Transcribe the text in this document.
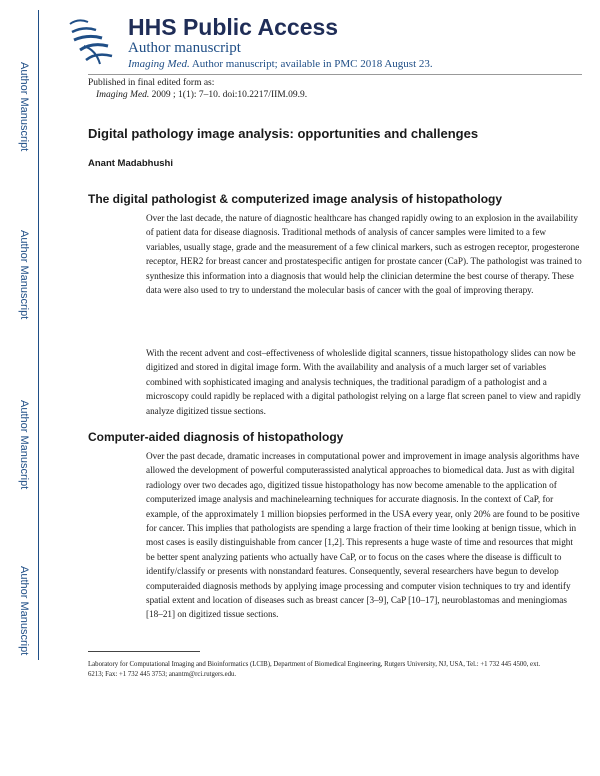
Author Manuscript
Author Manuscript
Author Manuscript
Author Manuscript
HHS Public Access
Author manuscript
Imaging Med. Author manuscript; available in PMC 2018 August 23.
Published in final edited form as:
Imaging Med. 2009 ; 1(1): 7–10. doi:10.2217/IIM.09.9.
Digital pathology image analysis: opportunities and challenges
Anant Madabhushi
The digital pathologist & computerized image analysis of histopathology
Over the last decade, the nature of diagnostic healthcare has changed rapidly owing to an explosion in the availability of patient data for disease diagnosis. Traditional methods of analysis of cancer samples were limited to a few variables, usually stage, grade and the measurement of a few clinical markers, such as estrogen receptor, progesterone receptor, HER2 for breast cancer and prostatespecific antigen for prostate cancer (CaP). The pathologist was trained to synthesize this information into a diagnosis that would help the clinician determine the best course of therapy. These data were also used to try to understand the molecular basis of cancer with the goal of improving therapy.
With the recent advent and cost–effectiveness of wholeslide digital scanners, tissue histopathology slides can now be digitized and stored in digital image form. With the availability and analysis of a much larger set of variables combined with sophisticated imaging and analysis techniques, the traditional paradigm of a pathologist and a microscopy could rapidly be replaced with a digital pathologist relying on a large flat screen panel to view and rapidly analyze digitized tissue sections.
Computer-aided diagnosis of histopathology
Over the past decade, dramatic increases in computational power and improvement in image analysis algorithms have allowed the development of powerful computerassisted analytical approaches to biomedical data. Just as with digital radiology over two decades ago, digitized tissue histopathology has now become amenable to the application of computerized image analysis and machinelearning techniques for accurate diagnosis. In the context of CaP, for example, of the approximately 1 million biopsies performed in the USA every year, only 20% are found to be positive for cancer. This implies that pathologists are spending a large fraction of their time looking at benign tissue, which in most cases is easily distinguishable from cancer [1,2]. This represents a huge waste of time and resources that might be better spent analyzing patients who actually have CaP, or to focus on the cases where the disease is difficult to identify/classify or presents with nonstandard features. Consequently, several researchers have begun to develop computeraided diagnosis methods by applying image processing and computer vision techniques to try and identify spatial extent and location of diseases such as breast cancer [3–9], CaP [10–17], neuroblastomas and meningiomas [18–21] on digitized tissue sections.
Laboratory for Computational Imaging and Bioinformatics (LCIB), Department of Biomedical Engineering, Rutgers University, NJ, USA, Tel.: +1 732 445 4500, ext. 6213; Fax: +1 732 445 3753; anantm@rci.rutgers.edu.
